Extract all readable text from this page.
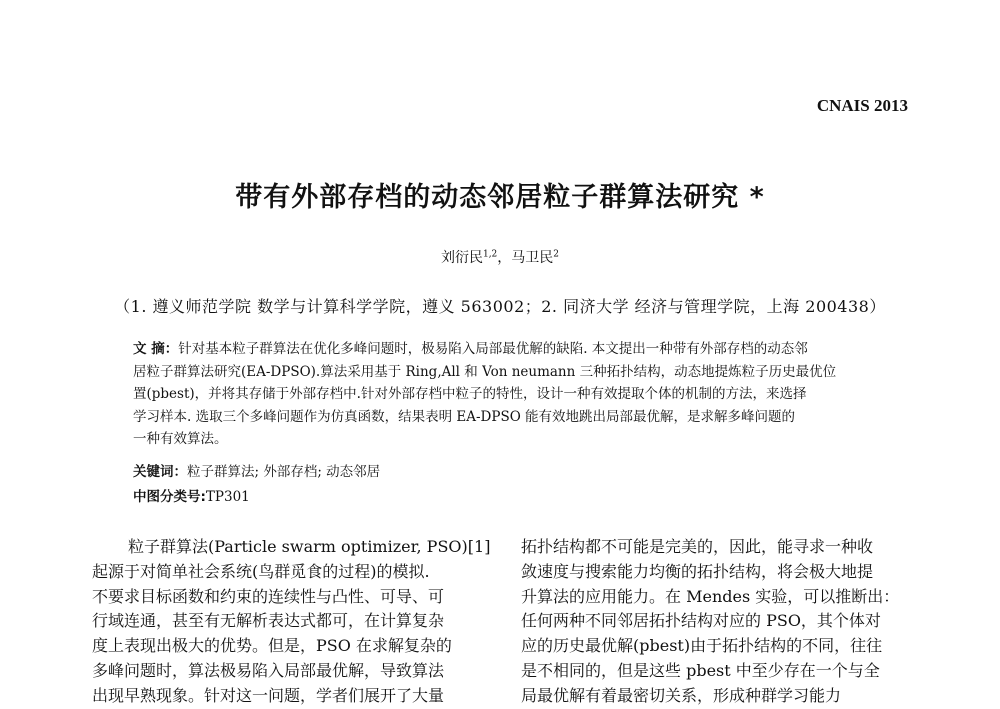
CNAIS 2013
带有外部存档的动态邻居粒子群算法研究 *
刘衍民$^{1,2}$，马卫民$^2$
（1. 遵义师范学院 数学与计算科学学院，遵义 563002；2. 同济大学 经济与管理学院，上海 200438）
文 摘：针对基本粒子群算法在优化多峰问题时，极易陷入局部最优解的缺陷. 本文提出一种带有外部存档的动态邻
居粒子群算法研究(EA-DPSO).算法采用基于 Ring,All 和 Von neumann 三种拓扑结构，动态地提炼粒子历史最优位
置(pbest)，并将其存储于外部存档中.针对外部存档中粒子的特性，设计一种有效提取个体的机制的方法，来选择
学习样本. 选取三个多峰问题作为仿真函数，结果表明 EA-DPSO 能有效地跳出局部最优解，是求解多峰问题的
一种有效算法。
关键词：粒子群算法; 外部存档; 动态邻居
中图分类号:TP301
粒子群算法(Particle swarm optimizer, PSO)[1]
起源于对简单社会系统(鸟群觅食的过程)的模拟.
不要求目标函数和约束的连续性与凸性、可导、可
行域连通，甚至有无解析表达式都可，在计算复杂
度上表现出极大的优势。但是，PSO 在求解复杂的
多峰问题时，算法极易陷入局部最优解，导致算法
出现早熟现象。针对这一问题，学者们展开了大量
拓扑结构都不可能是完美的，因此，能寻求一种收
敛速度与搜索能力均衡的拓扑结构，将会极大地提
升算法的应用能力。在 Mendes 实验，可以推断出：
任何两种不同邻居拓扑结构对应的 PSO，其个体对
应的历史最优解(pbest)由于拓扑结构的不同，往往
是不相同的，但是这些 pbest 中至少存在一个与全
局最优解有着最密切关系，形成种群学习能力
